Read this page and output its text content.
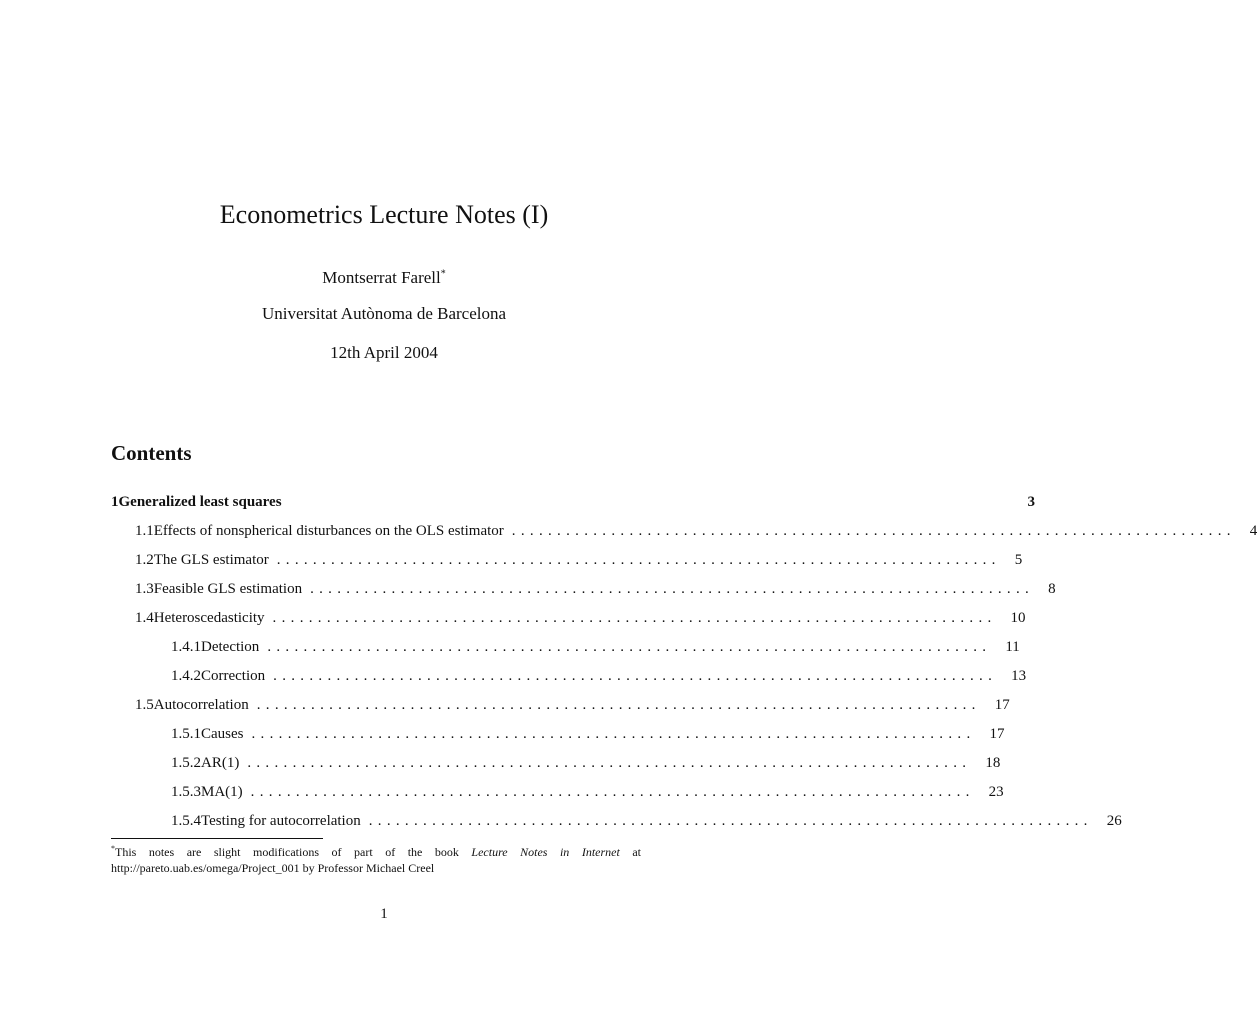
Econometrics Lecture Notes (I)
Montserrat Farell*
Universitat Autònoma de Barcelona
12th April 2004
Contents
1 Generalized least squares	3
1.1 Effects of nonspherical disturbances on the OLS estimator ................................................................................ 4
1.2 The GLS estimator ................................................................................ 5
1.3 Feasible GLS estimation ................................................................................ 8
1.4 Heteroscedasticity ................................................................................ 10
1.4.1 Detection ................................................................................ 11
1.4.2 Correction ................................................................................ 13
1.5 Autocorrelation ................................................................................ 17
1.5.1 Causes ................................................................................ 17
1.5.2 AR(1) ................................................................................ 18
1.5.3 MA(1) ................................................................................ 23
1.5.4 Testing for autocorrelation ................................................................................ 26
*This notes are slight modifications of part of the book Lecture Notes in Internet at http://pareto.uab.es/omega/Project_001 by Professor Michael Creel
1
